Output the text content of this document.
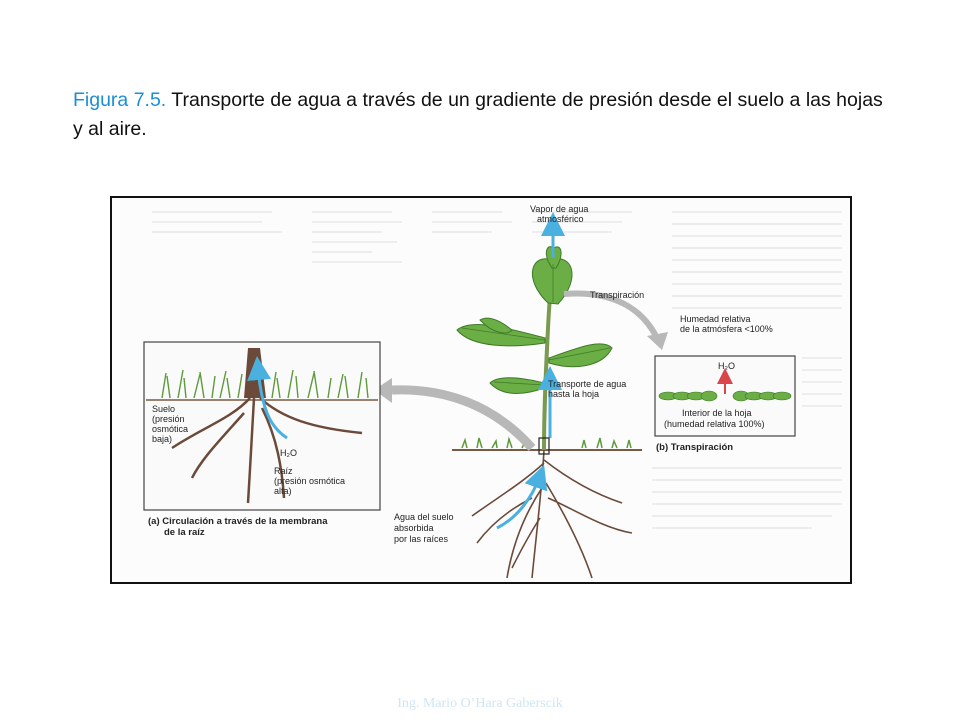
Figura 7.5. Transporte de agua a través de un gradiente de presión desde el suelo a las hojas y al aire.
Vapor de agua
atmosférico
Transpiración
Humedad relativa
de la atmósfera <100%
Transporte de agua
hasta la hoja
Agua del suelo
absorbida
por las raíces
H₂O
Interior de la hoja
(humedad relativa 100%)
(b) Transpiración
Suelo
(presión
osmótica
baja)
H₂O
Raíz
(presión osmótica
alta)
(a) Circulación a través de la membrana
de la raíz
Ing. Mario O’Hara Gaberscik
